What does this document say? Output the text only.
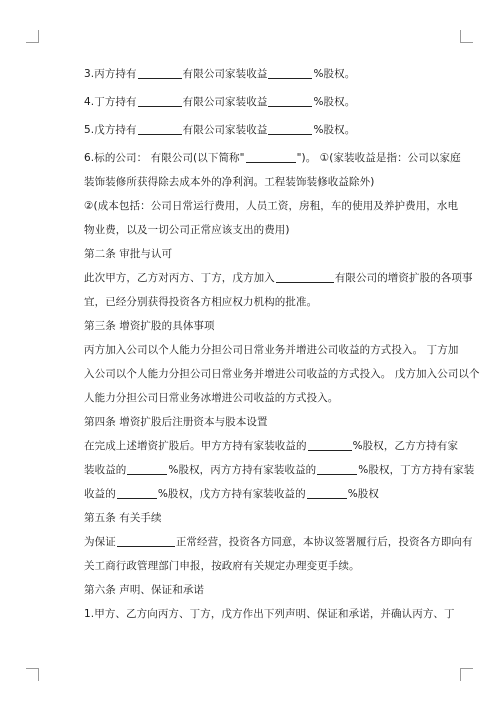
3.丙方持有	有限公司家装收益	%股权。
4.丁方持有	有限公司家装收益	%股权。
5.戊方持有	有限公司家装收益	%股权。
6.标的公司： 有限公司(以下简称"	")。 ①(家装收益是指：公司以家庭
装饰装修所获得除去成本外的净利润。工程装饰装修收益除外)
②(成本包括：公司日常运行费用，人员工资，房租，车的使用及养护费用，水电
物业费，以及一切公司正常应该支出的费用)
第二条 审批与认可
此次甲方，乙方对丙方、丁方，戊方加入	有限公司的增资扩股的各项事
宜，已经分别获得投资各方相应权力机构的批准。
第三条 增资扩股的具体事项
丙方加入公司以个人能力分担公司日常业务并增进公司收益的方式投入。 丁方加
入公司以个人能力分担公司日常业务并增进公司收益的方式投入。 戊方加入公司以个
人能力分担公司日常业务冰增进公司收益的方式投入。
第四条 增资扩股后注册资本与股本设置
在完成上述增资扩股后。甲方方持有家装收益的	%股权，乙方方持有家
装收益的	%股权，丙方方持有家装收益的	%股权，丁方方持有家装
收益的	%股权，戊方方持有家装收益的	%股权
第五条 有关手续
为保证	正常经营，投资各方同意，本协议签署履行后，投资各方即向有
关工商行政管理部门申报，按政府有关规定办理变更手续。
第六条 声明、保证和承诺
1.甲方、乙方向丙方、丁方，戊方作出下列声明、保证和承诺，并确认丙方、丁
